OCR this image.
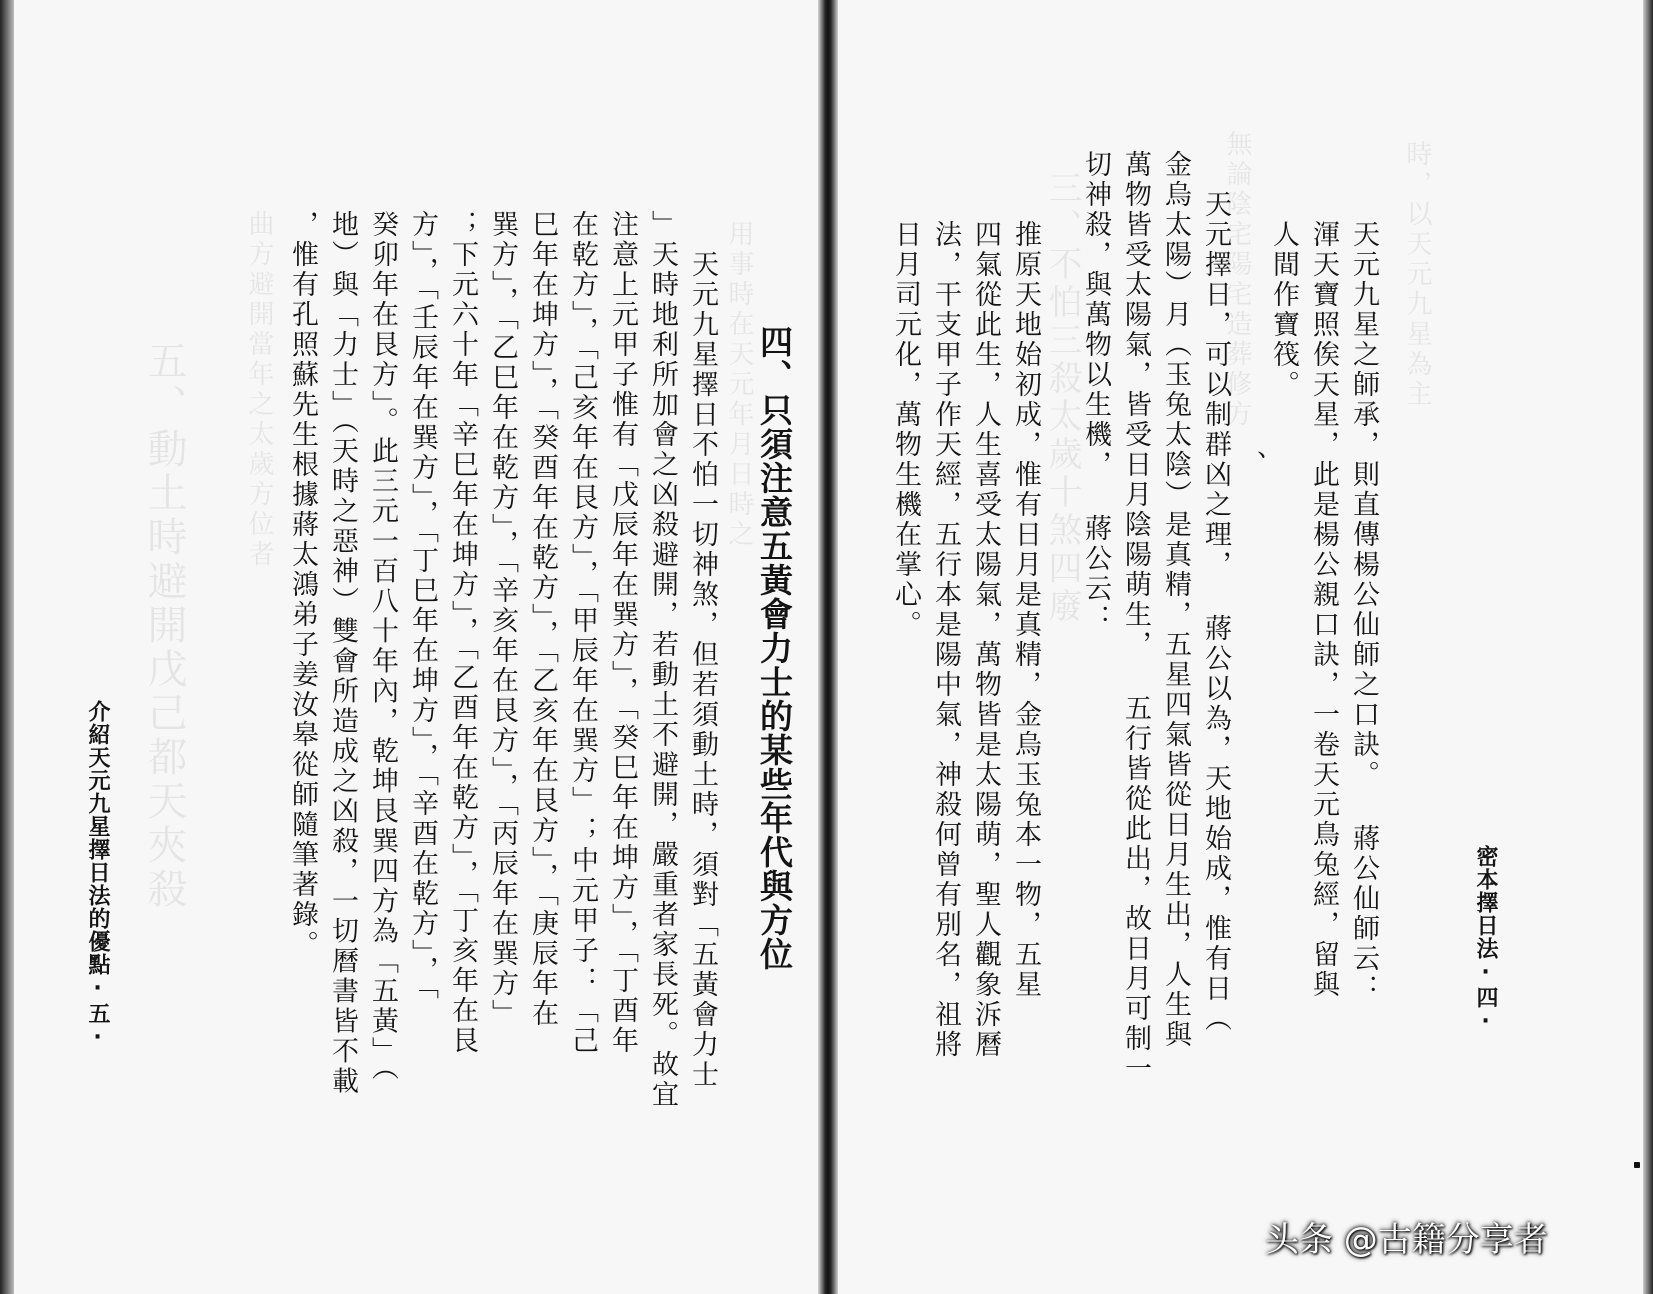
五、動土時避開戊己都天夾殺 曲方避開當年之太歲方位者	用事時在天元年月日時之
介紹天元九星擇日法的優點·五·	，惟有孔照蘇先生根據蔣太鴻弟子姜汝皋從師隨筆著錄。 地）與「力士」（天時之惡神）雙會所造成之凶殺，一切曆書皆不載 癸卯年在艮方」。此三元一百八十年內，乾坤艮巽四方為「五黃」（ 方」，「壬辰年在巽方」，「丁巳年在坤方」，「辛酉在乾方」，「 ；下元六十年「辛巳年在坤方」，「乙酉年在乾方」，「丁亥年在艮 巽方」，「乙巳年在乾方」，「辛亥年在艮方」，「丙辰年在巽方」 巳年在坤方」，「癸酉年在乾方」，「乙亥年在艮方」，「庚辰年在 在乾方」，「己亥年在艮方」，「甲辰年在巽方」；中元甲子：「己 注意上元甲子惟有「戊辰年在巽方」，「癸巳年在坤方」，「丁酉年 」天時地利所加會之凶殺避開，若動土不避開，嚴重者家長死。故宜 天元九星擇日不怕一切神煞，但若須動土時，須對「五黃會力士 四、只須注意五黃會力士的某些年代與方位	三、不怕三殺太歲十煞四廢	無論陰宅陽宅造葬修方	時，以天元九星為主
日月司元化，萬物生機在掌心。 法，干支甲子作天經，五行本是陽中氣，神殺何曾有別名，祖將 四氣從此生，人生喜受太陽氣，萬物皆是太陽萌，聖人觀象泝曆 推原天地始初成，惟有日月是真精，金烏玉兔本一物，五星 切神殺，與萬物以生機， 蔣公云： 萬物皆受太陽氣，皆受日月陰陽萌生， 五行皆從此出，故日月可制一 金烏太陽）月（玉兔太陰）是真精，五星四氣皆從日月生出，人生與 天元擇日，可以制群凶之理， 蔣公以為，天地始成，惟有日（ 、
人間作寶筏。 渾天寶照俟天星，此是楊公親口訣，一卷天元鳥兔經，留與 天元九星之師承，則直傳楊公仙師之口訣。 蔣公仙師云：	密本擇日法·四·
头条 @古籍分享者
